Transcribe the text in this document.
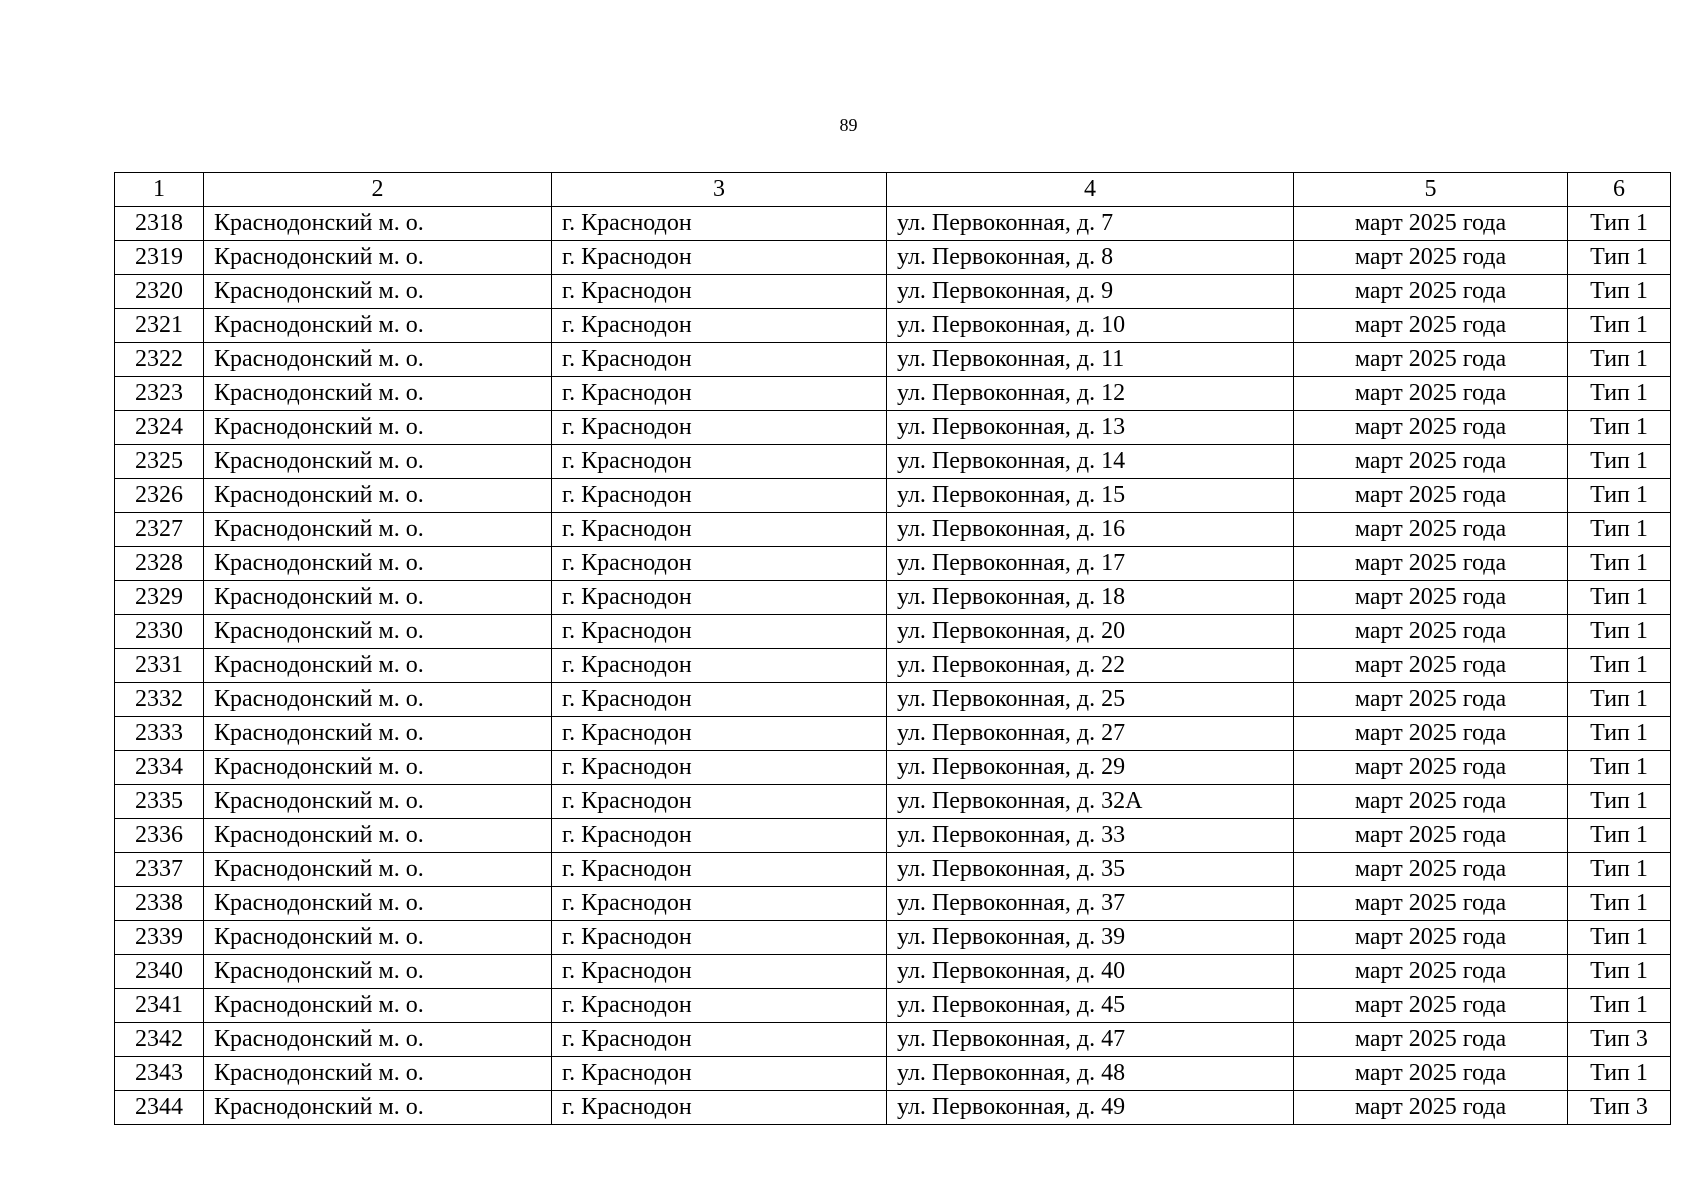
89
1	2	3	4	5	6
2318	Краснодонский м. о.	г. Краснодон	ул. Первоконная, д. 7	март 2025 года	Тип 1
2319	Краснодонский м. о.	г. Краснодон	ул. Первоконная, д. 8	март 2025 года	Тип 1
2320	Краснодонский м. о.	г. Краснодон	ул. Первоконная, д. 9	март 2025 года	Тип 1
2321	Краснодонский м. о.	г. Краснодон	ул. Первоконная, д. 10	март 2025 года	Тип 1
2322	Краснодонский м. о.	г. Краснодон	ул. Первоконная, д. 11	март 2025 года	Тип 1
2323	Краснодонский м. о.	г. Краснодон	ул. Первоконная, д. 12	март 2025 года	Тип 1
2324	Краснодонский м. о.	г. Краснодон	ул. Первоконная, д. 13	март 2025 года	Тип 1
2325	Краснодонский м. о.	г. Краснодон	ул. Первоконная, д. 14	март 2025 года	Тип 1
2326	Краснодонский м. о.	г. Краснодон	ул. Первоконная, д. 15	март 2025 года	Тип 1
2327	Краснодонский м. о.	г. Краснодон	ул. Первоконная, д. 16	март 2025 года	Тип 1
2328	Краснодонский м. о.	г. Краснодон	ул. Первоконная, д. 17	март 2025 года	Тип 1
2329	Краснодонский м. о.	г. Краснодон	ул. Первоконная, д. 18	март 2025 года	Тип 1
2330	Краснодонский м. о.	г. Краснодон	ул. Первоконная, д. 20	март 2025 года	Тип 1
2331	Краснодонский м. о.	г. Краснодон	ул. Первоконная, д. 22	март 2025 года	Тип 1
2332	Краснодонский м. о.	г. Краснодон	ул. Первоконная, д. 25	март 2025 года	Тип 1
2333	Краснодонский м. о.	г. Краснодон	ул. Первоконная, д. 27	март 2025 года	Тип 1
2334	Краснодонский м. о.	г. Краснодон	ул. Первоконная, д. 29	март 2025 года	Тип 1
2335	Краснодонский м. о.	г. Краснодон	ул. Первоконная, д. 32А	март 2025 года	Тип 1
2336	Краснодонский м. о.	г. Краснодон	ул. Первоконная, д. 33	март 2025 года	Тип 1
2337	Краснодонский м. о.	г. Краснодон	ул. Первоконная, д. 35	март 2025 года	Тип 1
2338	Краснодонский м. о.	г. Краснодон	ул. Первоконная, д. 37	март 2025 года	Тип 1
2339	Краснодонский м. о.	г. Краснодон	ул. Первоконная, д. 39	март 2025 года	Тип 1
2340	Краснодонский м. о.	г. Краснодон	ул. Первоконная, д. 40	март 2025 года	Тип 1
2341	Краснодонский м. о.	г. Краснодон	ул. Первоконная, д. 45	март 2025 года	Тип 1
2342	Краснодонский м. о.	г. Краснодон	ул. Первоконная, д. 47	март 2025 года	Тип 3
2343	Краснодонский м. о.	г. Краснодон	ул. Первоконная, д. 48	март 2025 года	Тип 1
2344	Краснодонский м. о.	г. Краснодон	ул. Первоконная, д. 49	март 2025 года	Тип 3
